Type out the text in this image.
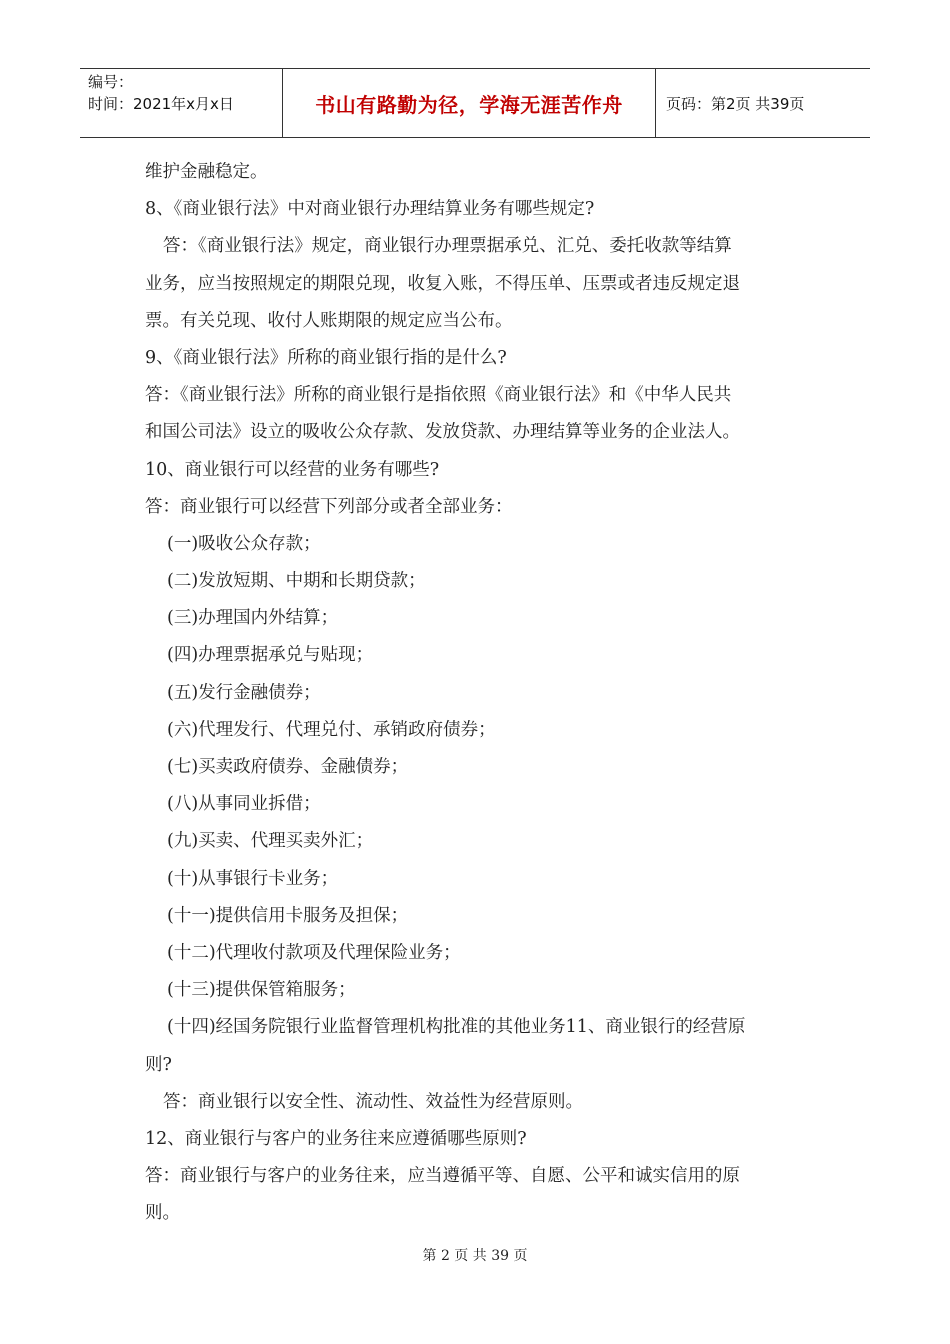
编号：
时间：2021年x月x日	书山有路勤为径，学海无涯苦作舟	页码：第2页 共39页
维护金融稳定。
8、《商业银行法》中对商业银行办理结算业务有哪些规定?
答：《商业银行法》规定，商业银行办理票据承兑、汇兑、委托收款等结算
业务，应当按照规定的期限兑现，收复入账，不得压单、压票或者违反规定退
票。有关兑现、收付人账期限的规定应当公布。
9、《商业银行法》所称的商业银行指的是什么?
答：《商业银行法》所称的商业银行是指依照《商业银行法》和《中华人民共
和国公司法》设立的吸收公众存款、发放贷款、办理结算等业务的企业法人。
10、商业银行可以经营的业务有哪些?
答：商业银行可以经营下列部分或者全部业务：
(一)吸收公众存款；
(二)发放短期、中期和长期贷款；
(三)办理国内外结算；
(四)办理票据承兑与贴现；
(五)发行金融债券；
(六)代理发行、代理兑付、承销政府债券；
(七)买卖政府债券、金融债券；
(八)从事同业拆借；
(九)买卖、代理买卖外汇；
(十)从事银行卡业务；
(十一)提供信用卡服务及担保；
(十二)代理收付款项及代理保险业务；
(十三)提供保管箱服务；
(十四)经国务院银行业监督管理机构批准的其他业务11、商业银行的经营原
则?
答：商业银行以安全性、流动性、效益性为经营原则。
12、商业银行与客户的业务往来应遵循哪些原则?
答：商业银行与客户的业务往来，应当遵循平等、自愿、公平和诚实信用的原
则。
第 2 页 共 39 页
